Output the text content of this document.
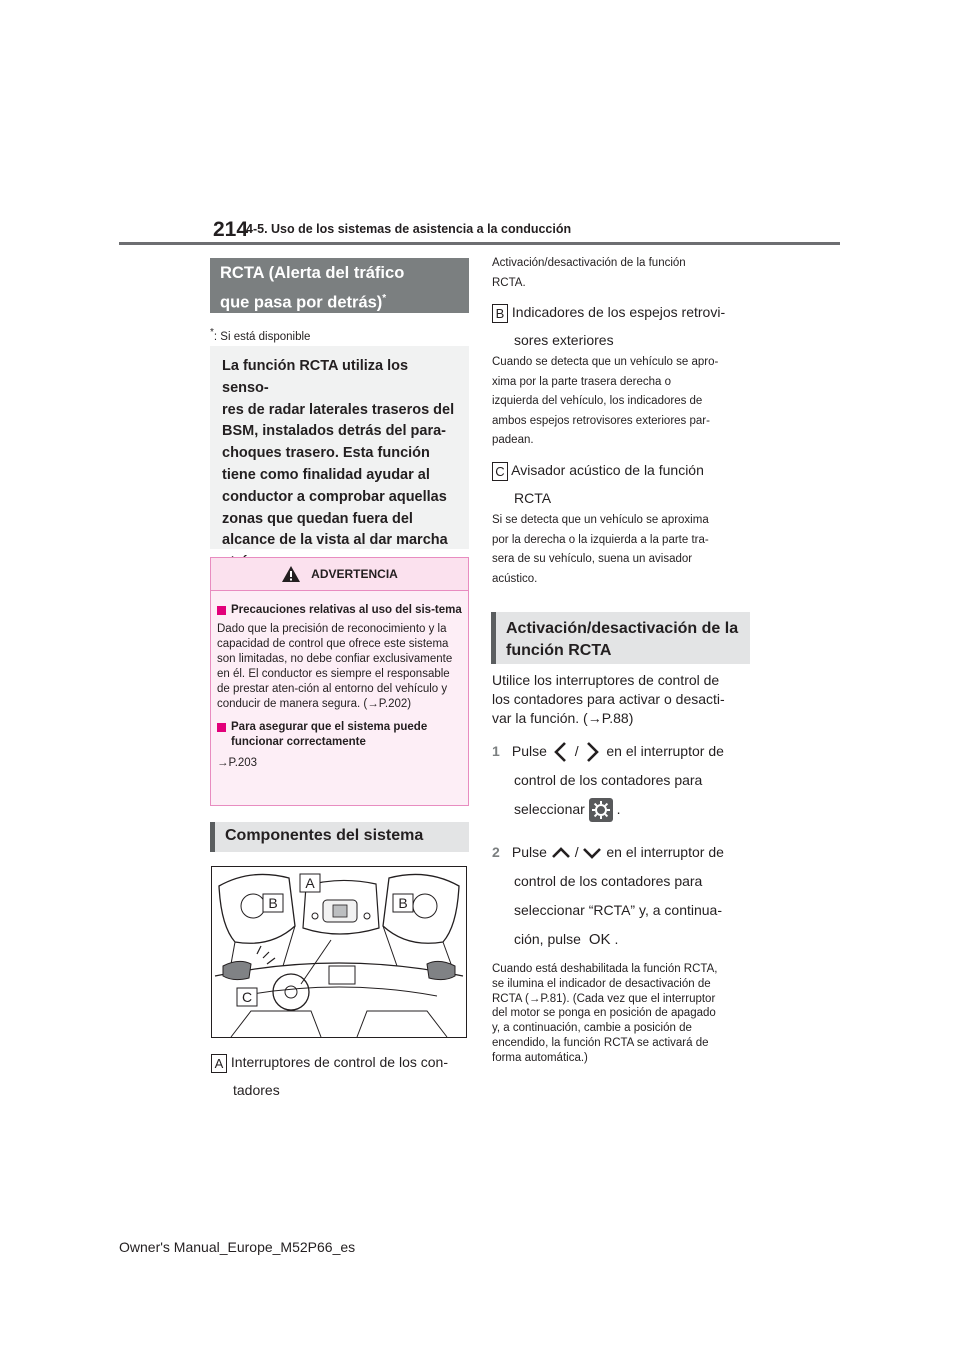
214
4-5. Uso de los sistemas de asistencia a la conducción
RCTA (Alerta del tráfico
que pasa por detrás)*
*: Si está disponible
La función RCTA utiliza los senso-
res de radar laterales traseros del
BSM, instalados detrás del para-
choques trasero. Esta función
tiene como finalidad ayudar al
conductor a comprobar aquellas
zonas que quedan fuera del
alcance de la vista al dar marcha
ADVERTENCIA
Precauciones relativas al uso del sis-tema
Dado que la precisión de reconocimiento y la capacidad de control que ofrece este sistema son limitadas, no debe confiar exclusivamente en él. El conductor es siempre el responsable de prestar aten-ción al entorno del vehículo y conducir de manera segura. (→P.202)
Para asegurar que el sistema puede funcionar correctamente
→P.203
Componentes del sistema
A
B	B
C
A Interruptores de control de los con-
tadores
Activación/desactivación de la función
RCTA.
B Indicadores de los espejos retrovi-
sores exteriores
Cuando se detecta que un vehículo se apro-
xima por la parte trasera derecha o
izquierda del vehículo, los indicadores de
ambos espejos retrovisores exteriores par-
padean.
C Avisador acústico de la función
RCTA
Si se detecta que un vehículo se aproxima
por la derecha o la izquierda a la parte tra-
sera de su vehículo, suena un avisador
acústico.
Activación/desactivación de la
función RCTA
Utilice los interruptores de control de
los contadores para activar o desacti-
var la función. (→P.88)
1 Pulse / en el interruptor de
control de los contadores para
seleccionar .
2 Pulse / en el interruptor de
control de los contadores para
seleccionar “RCTA” y, a continua-
ción, pulse OK .
Cuando está deshabilitada la función RCTA,
se ilumina el indicador de desactivación de
RCTA (→P.81). (Cada vez que el interruptor
del motor se ponga en posición de apagado
y, a continuación, cambie a posición de
encendido, la función RCTA se activará de
forma automática.)
Owner's Manual_Europe_M52P66_es
